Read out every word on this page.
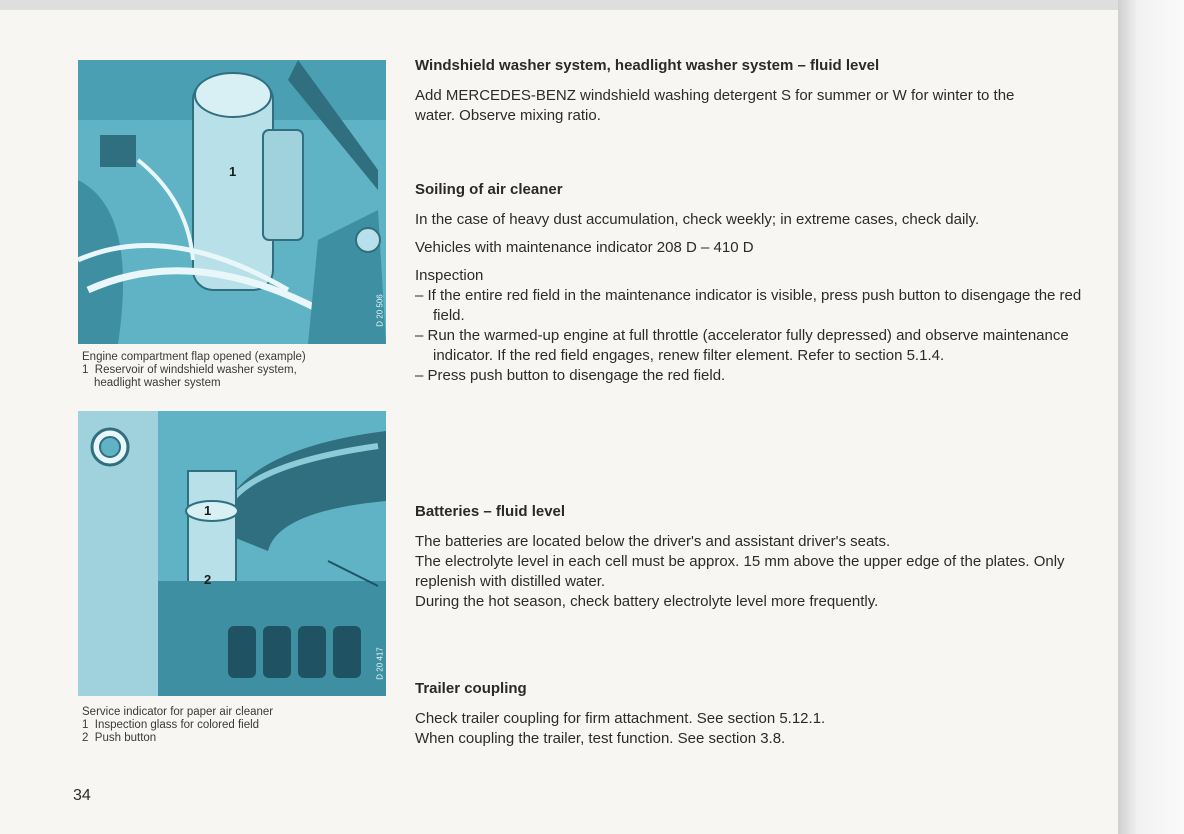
1
D 20 506
Engine compartment flap opened (example)
1 Reservoir of windshield washer system,
headlight washer system
1
2
D 20 417
Service indicator for paper air cleaner
1 Inspection glass for colored field
2 Push button
34
Windshield washer system, headlight washer system – fluid level
Add MERCEDES-BENZ windshield washing detergent S for summer or W for winter to the water. Observe mixing ratio.
Soiling of air cleaner
In the case of heavy dust accumulation, check weekly; in extreme cases, check daily.
Vehicles with maintenance indicator 208 D – 410 D
Inspection
– If the entire red field in the maintenance indicator is visible, press push button to disengage the red field.
– Run the warmed-up engine at full throttle (accelerator fully depressed) and observe maintenance indicator. If the red field engages, renew filter element. Refer to section 5.1.4.
– Press push button to disengage the red field.
Batteries – fluid level
The batteries are located below the driver's and assistant driver's seats.
The electrolyte level in each cell must be approx. 15 mm above the upper edge of the plates. Only replenish with distilled water.
During the hot season, check battery electrolyte level more frequently.
Trailer coupling
Check trailer coupling for firm attachment. See section 5.12.1.
When coupling the trailer, test function. See section 3.8.
